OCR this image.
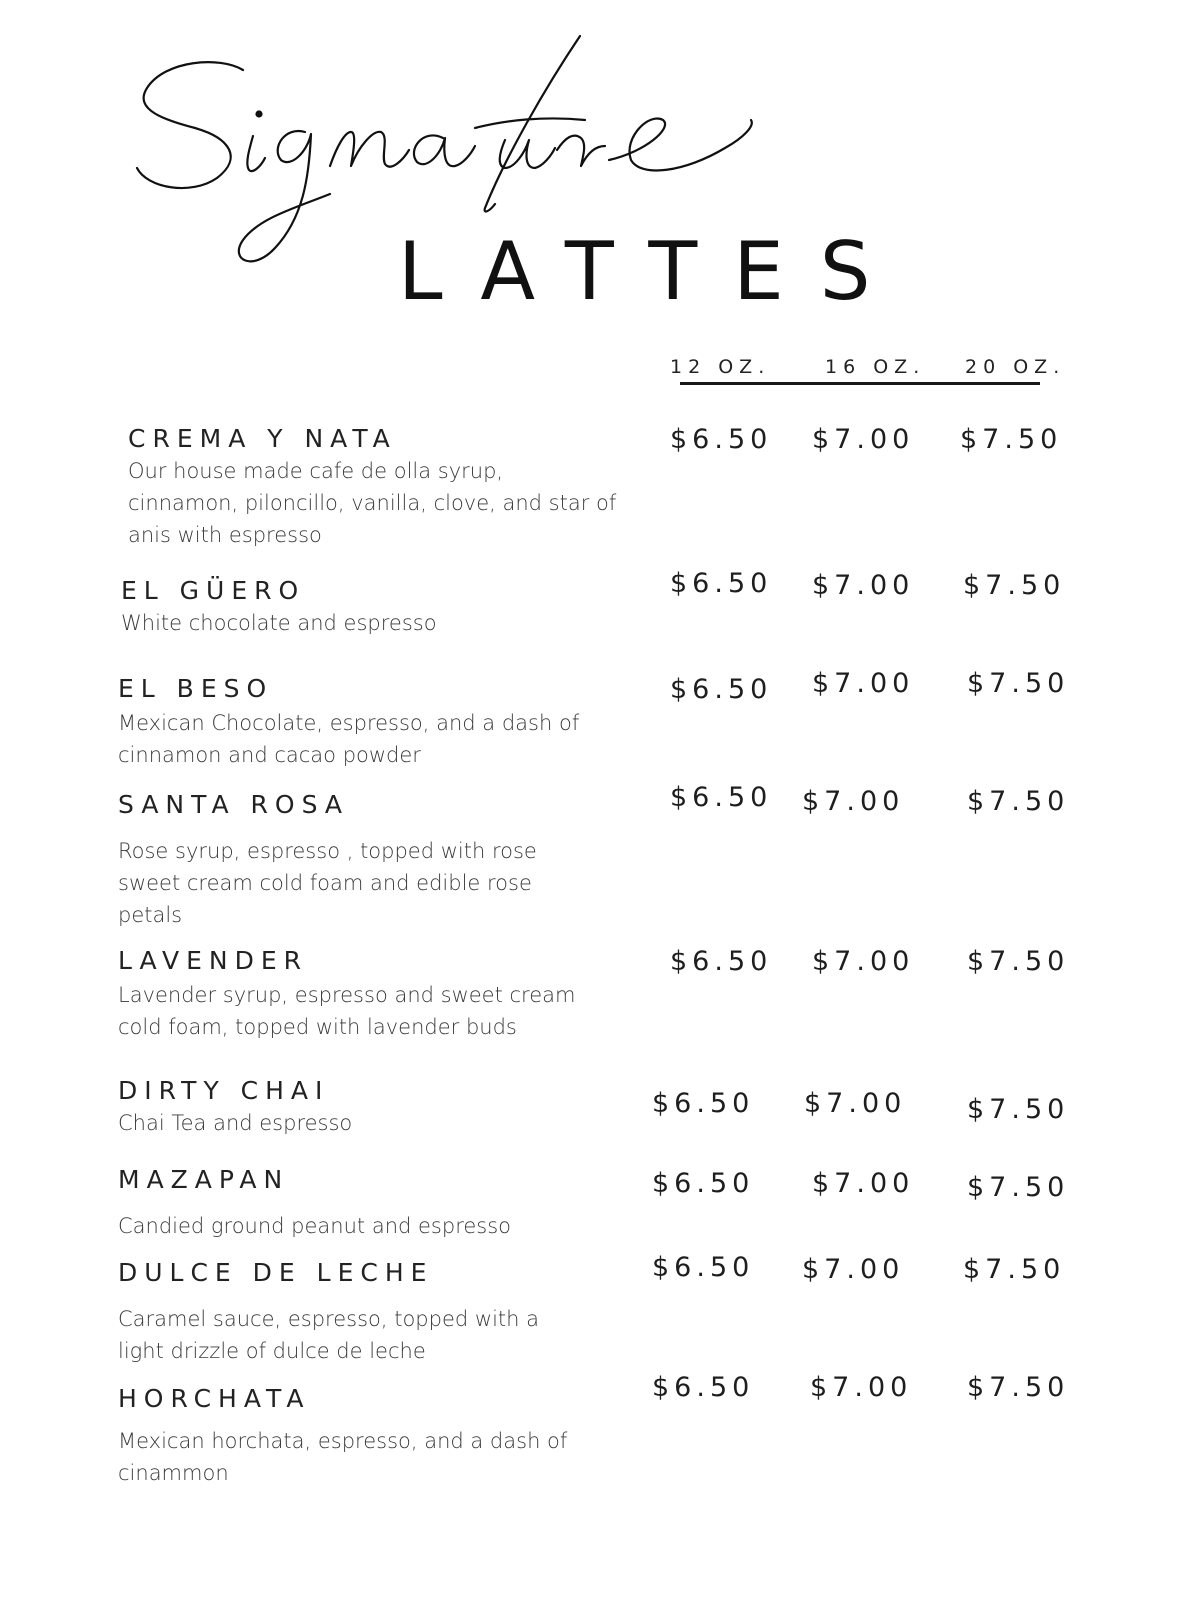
LATTES
12 OZ.	16 OZ. 20 OZ.
CREMA Y NATA
Our house made cafe de olla syrup, cinnamon, piloncillo, vanilla, clove, and star of anis with espresso
$6.50 $7.00 $7.50
EL GÜERO
White chocolate and espresso
$6.50 $7.00 $7.50
EL BESO
Mexican Chocolate, espresso, and a dash of cinnamon and cacao powder
$6.50 $7.00 $7.50
SANTA ROSA
Rose syrup, espresso , topped with rose sweet cream cold foam and edible rose petals
$6.50 $7.00 $7.50
LAVENDER
Lavender syrup, espresso and sweet cream cold foam, topped with lavender buds
$6.50 $7.00 $7.50
DIRTY CHAI
Chai Tea and espresso
$6.50 $7.00 $7.50
MAZAPAN
Candied ground peanut and espresso
$6.50 $7.00 $7.50
DULCE DE LECHE
Caramel sauce, espresso, topped with a light drizzle of dulce de leche
$6.50 $7.00 $7.50
HORCHATA
Mexican horchata, espresso, and a dash of cinammon
$6.50 $7.00 $7.50
